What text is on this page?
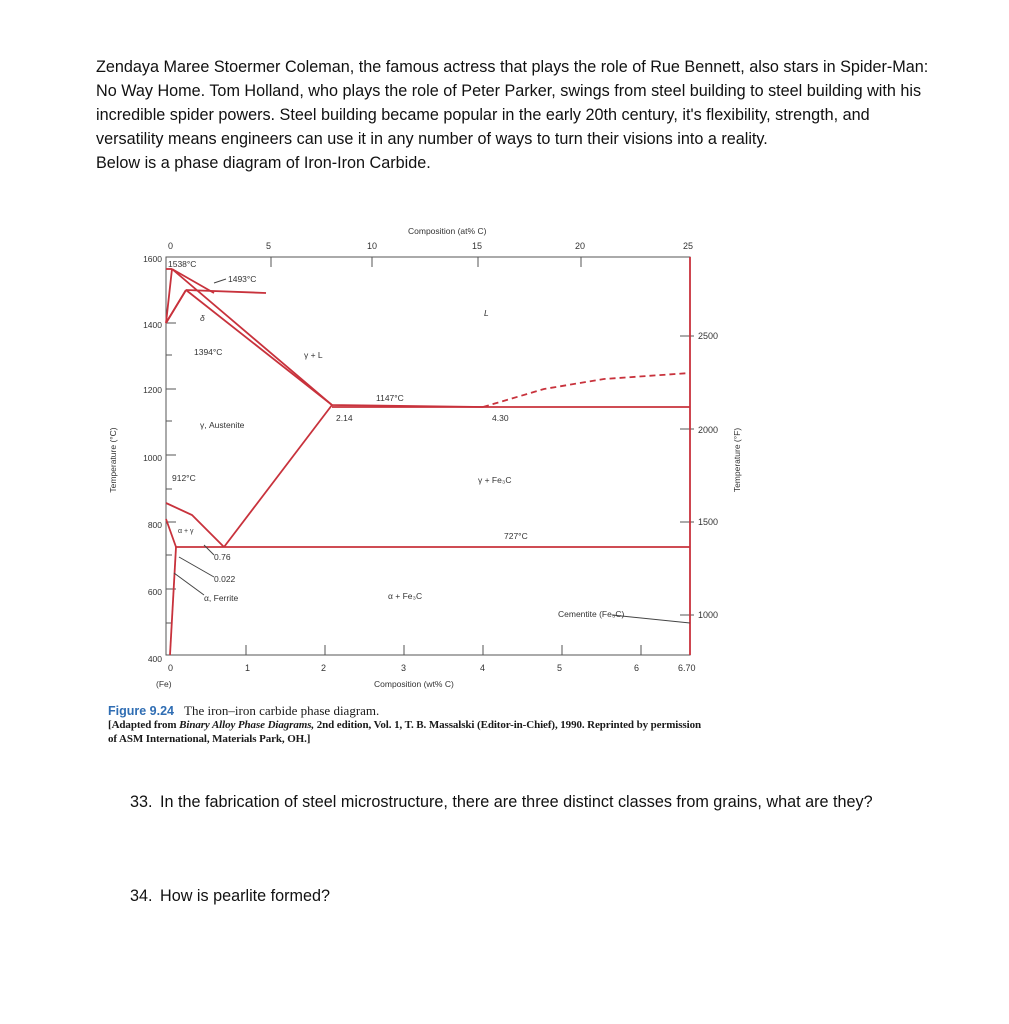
Zendaya Maree Stoermer Coleman, the famous actress that plays the role of Rue Bennett, also stars in Spider-Man: No Way Home. Tom Holland, who plays the role of Peter Parker, swings from steel building to steel building with his incredible spider powers. Steel building became popular in the early 20th century, it's flexibility, strength, and versatility means engineers can use it in any number of ways to turn their visions into a reality.

Below is a phase diagram of Iron-Iron Carbide.

Composition (at% C)
0	5	10	15	20	25
Temperature (°C)
1600
1400
1200
1000
800
600
400
Temperature (°F)
2500
2000
1500
1000
0	1	2	3	4	5	6	6.70
(Fe)	Composition (wt% C)
1538°C
1493°C
δ
1394°C	γ + L
L
1147°C
2.14	4.30
γ, Austenite
912°C	γ + Fe₃C
α + γ	727°C
0.76
0.022
α, Ferrite	α + Fe₃C
Cementite (Fe₃C)
Figure 9.24 The iron–iron carbide phase diagram.
[Adapted from Binary Alloy Phase Diagrams, 2nd edition, Vol. 1, T. B. Massalski (Editor-in-Chief), 1990. Reprinted by permission
of ASM International, Materials Park, OH.]
33. In the fabrication of steel microstructure, there are three distinct classes from grains, what are they?
34. How is pearlite formed?
